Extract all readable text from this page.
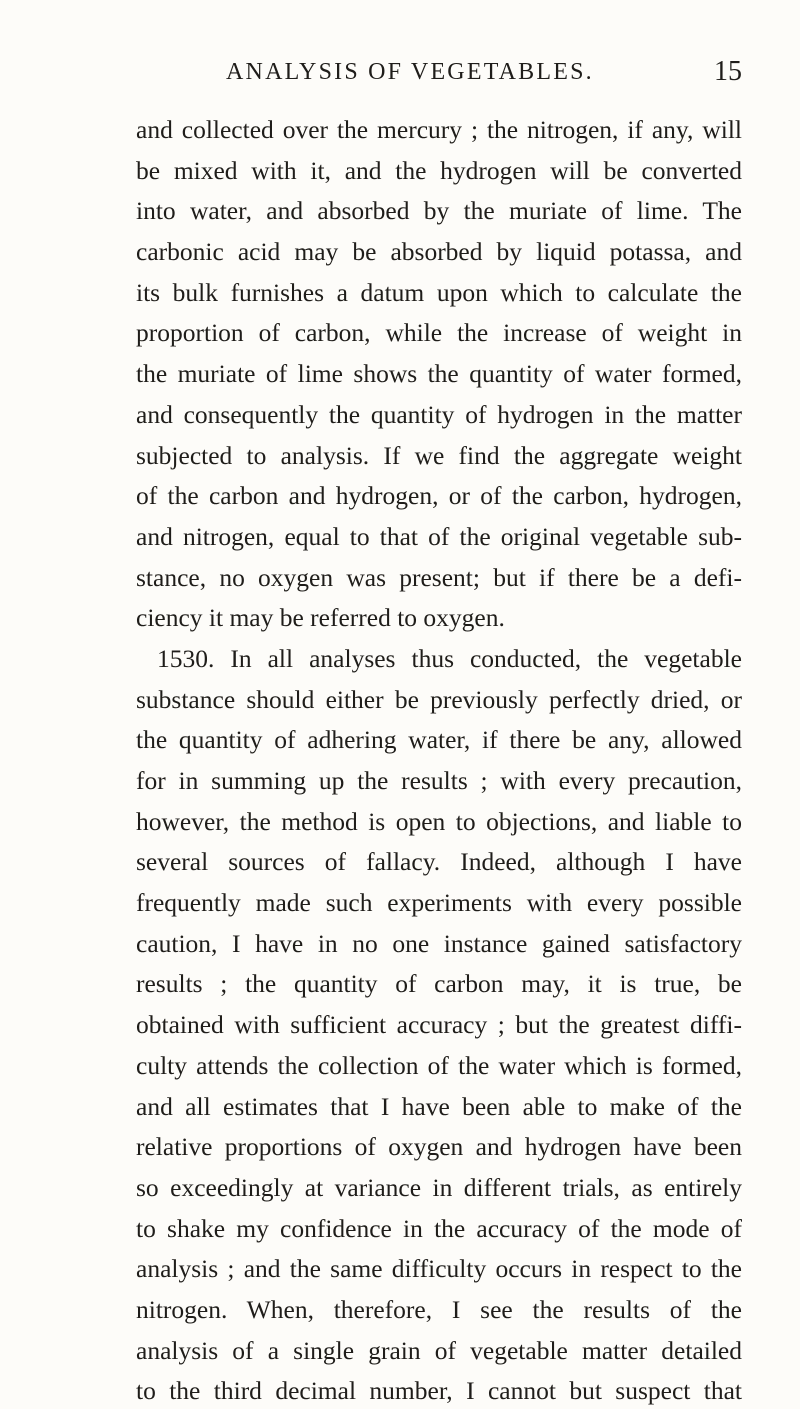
ANALYSIS OF VEGETABLES.	15
and collected over the mercury ; the nitrogen, if any, will
be mixed with it, and the hydrogen will be converted
into water, and absorbed by the muriate of lime. The
carbonic acid may be absorbed by liquid potassa, and
its bulk furnishes a datum upon which to calculate the
proportion of carbon, while the increase of weight in
the muriate of lime shows the quantity of water formed,
and consequently the quantity of hydrogen in the matter
subjected to analysis. If we find the aggregate weight
of the carbon and hydrogen, or of the carbon, hydrogen,
and nitrogen, equal to that of the original vegetable sub-
stance, no oxygen was present; but if there be a defi-
ciency it may be referred to oxygen.
1530. In all analyses thus conducted, the vegetable
substance should either be previously perfectly dried, or
the quantity of adhering water, if there be any, allowed
for in summing up the results ; with every precaution,
however, the method is open to objections, and liable to
several sources of fallacy. Indeed, although I have
frequently made such experiments with every possible
caution, I have in no one instance gained satisfactory
results ; the quantity of carbon may, it is true, be
obtained with sufficient accuracy ; but the greatest diffi-
culty attends the collection of the water which is formed,
and all estimates that I have been able to make of the
relative proportions of oxygen and hydrogen have been
so exceedingly at variance in different trials, as entirely
to shake my confidence in the accuracy of the mode of
analysis ; and the same difficulty occurs in respect to the
nitrogen. When, therefore, I see the results of the
analysis of a single grain of vegetable matter detailed
to the third decimal number, I cannot but suspect that
